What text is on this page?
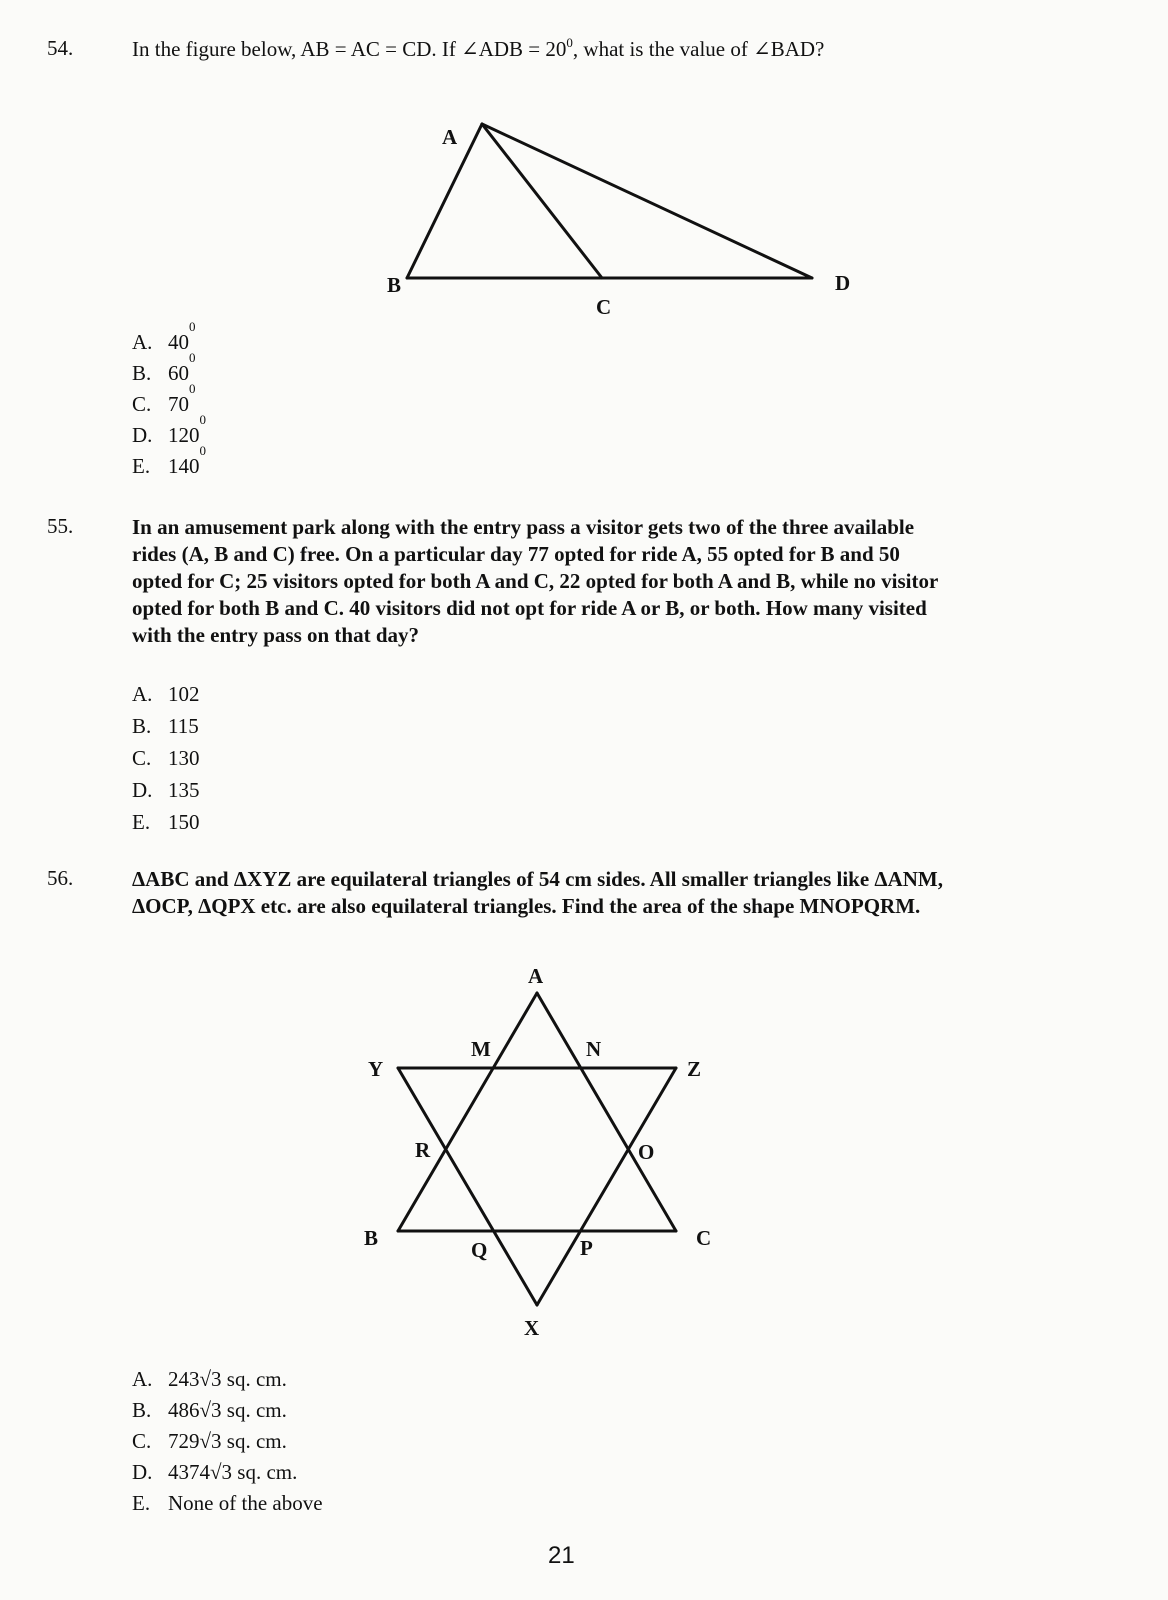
54.	In the figure below, AB = AC = CD. If ∠ADB = $20^0$, what is the value of ∠BAD?
A
B
C
D
A. 40
0
B. 60
0
C. 70
0
D. 120
0
E. 140
0
55.	In an amusement park along with the entry pass a visitor gets two of the three available
rides (A, B and C) free. On a particular day 77 opted for ride A, 55 opted for B and 50
opted for C; 25 visitors opted for both A and C, 22 opted for both A and B, while no visitor
opted for both B and C. 40 visitors did not opt for ride A or B, or both. How many visited
with the entry pass on that day?
A. 102
B. 115
C. 130
D. 135
E. 150
56.	ΔABC and ΔXYZ are equilateral triangles of 54 cm sides. All smaller triangles like ΔANM,
ΔOCP, ΔQPX etc. are also equilateral triangles. Find the area of the shape MNOPQRM.
A
M	N
Y	Z
R	O
B	Q	P	C
X
A. 243√3 sq. cm.
B. 486√3 sq. cm.
C. 729√3 sq. cm.
D. 4374√3 sq. cm.
E. None of the above
21
